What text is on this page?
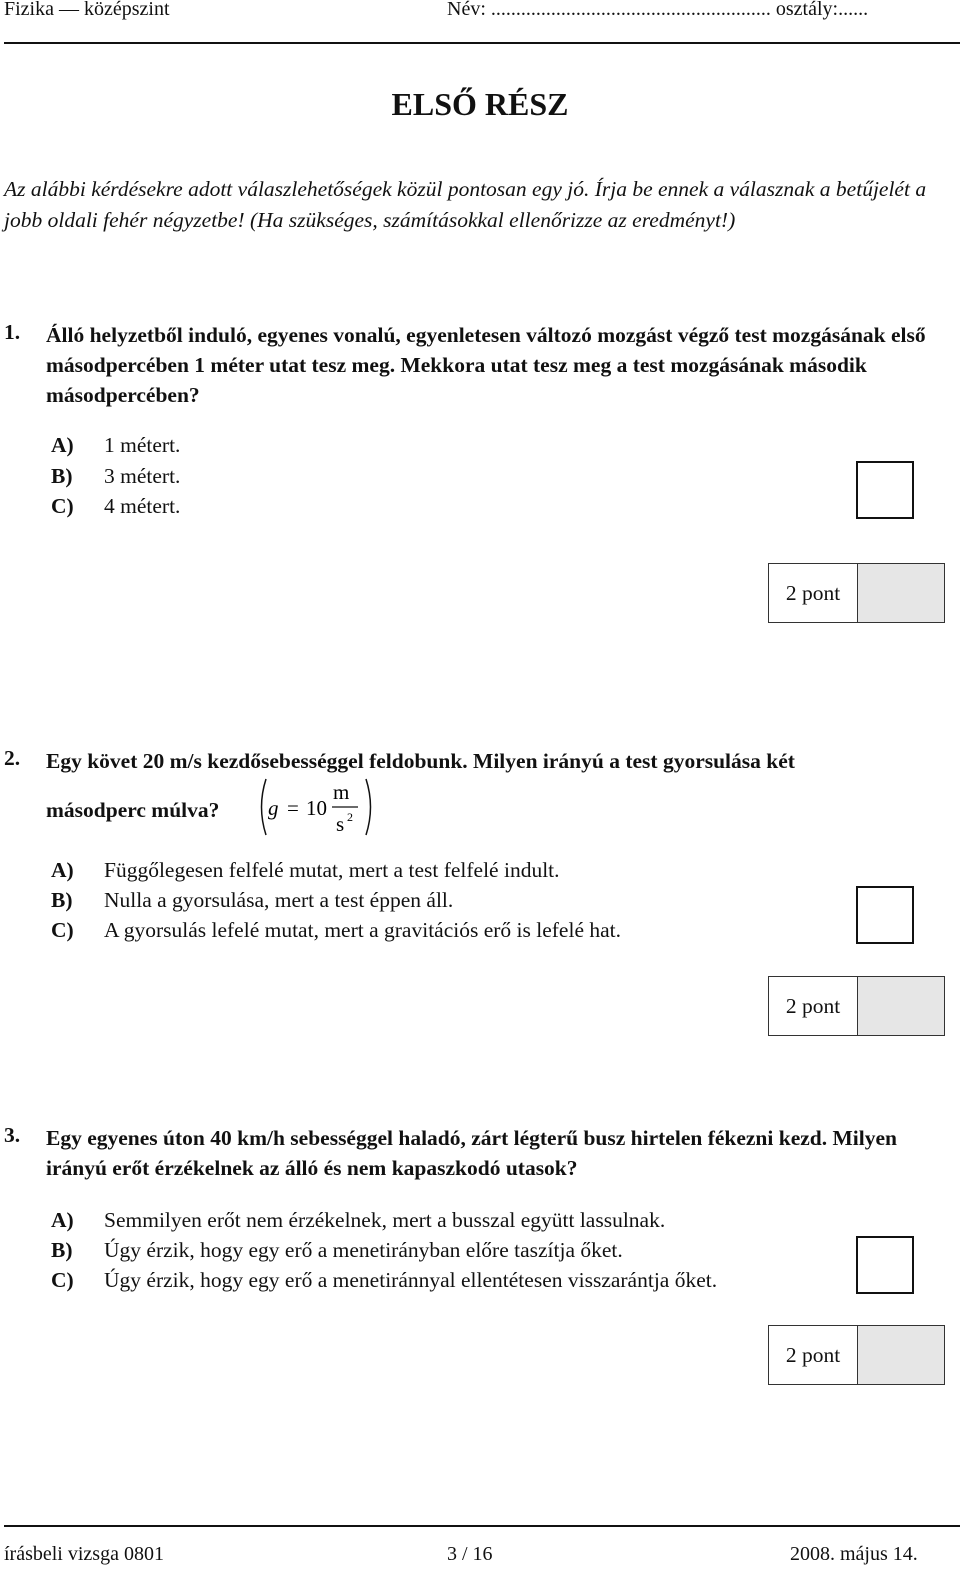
Fizika — középszint	Név: ........................................................ osztály:......
ELSŐ RÉSZ
Az alábbi kérdésekre adott válaszlehetőségek közül pontosan egy jó. Írja be ennek a válasznak a betűjelét a jobb oldali fehér négyzetbe! (Ha szükséges, számításokkal ellenőrizze az eredményt!)
1. Álló helyzetből induló, egyenes vonalú, egyenletesen változó mozgást végző test mozgásának első másodpercében 1 méter utat tesz meg. Mekkora utat tesz meg a test mozgásának második másodpercében?
A) 1 métert.
B) 3 métert.
C) 4 métert.
2 pont
2. Egy követ 20 m/s kezdősebességgel feldobunk. Milyen irányú a test gyorsulása két
másodperc múlva? g = 10
m
s 2
A) Függőlegesen felfelé mutat, mert a test felfelé indult.
B) Nulla a gyorsulása, mert a test éppen áll.
C) A gyorsulás lefelé mutat, mert a gravitációs erő is lefelé hat.
2 pont
3. Egy egyenes úton 40 km/h sebességgel haladó, zárt légterű busz hirtelen fékezni kezd. Milyen irányú erőt érzékelnek az álló és nem kapaszkodó utasok?
A) Semmilyen erőt nem érzékelnek, mert a busszal együtt lassulnak.
B) Úgy érzik, hogy egy erő a menetirányban előre taszítja őket.
C) Úgy érzik, hogy egy erő a menetiránnyal ellentétesen visszarántja őket.
2 pont
írásbeli vizsga 0801	3 / 16	2008. május 14.
